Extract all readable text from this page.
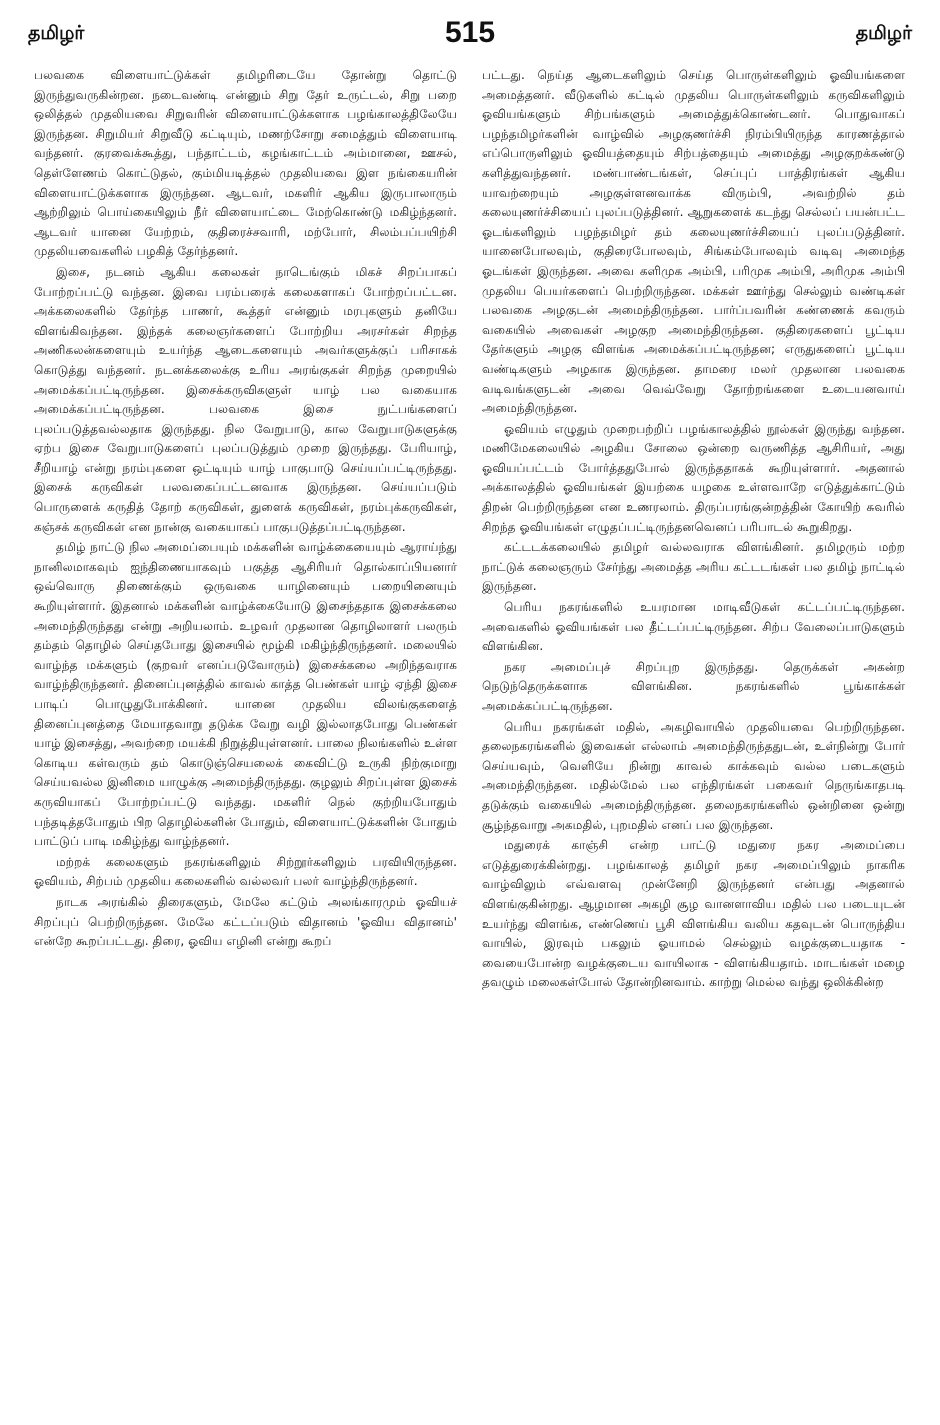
தமிழர்	515	தமிழர்

பலவகை விளையாட்டுக்கள் தமிழரிடையே தோன்று தொட்டு இருந்துவருகின்றன. நடைவண்டி என்னும் சிறு தேர் உருட்டல், சிறு பறை ஒலித்தல் முதலியவை சிறுவரின் விளையாட்டுக்களாக பழங்காலத்திலேயே இருந்தன. சிறுமியர் சிறுவீடு கட்டியும், மணற்சோறு சமைத்தும் விளையாடி வந்தனர். குரவைக்கூத்து, பந்தாட்டம், கழங்காட்டம் அம்மானை, ஊசல், தெள்ளேணம் கொட்டுதல், கும்மியடித்தல் முதலியவை இள நங்கையரின் விளையாட்டுக்களாக இருந்தன. ஆடவர், மகளிர் ஆகிய இருபாலாரும் ஆற்றிலும் பொய்கையிலும் நீர் விளையாட்டை மேற்கொண்டு மகிழ்ந்தனர். ஆடவர் யானை யேற்றம், குதிரைச்சவாரி, மற்போர், சிலம்பப்பயிற்சி முதலியவைகளில் பழகித் தேர்ந்தனர்.

இசை, நடனம் ஆகிய கலைகள் நாடெங்கும் மிகச் சிறப்பாகப் போற்றப்பட்டு வந்தன. இவை பரம்பரைக் கலைகளாகப் போற்றப்பட்டன. அக்கலைகளில் தேர்ந்த பாணர், கூத்தர் என்னும் மரபுகளும் தனியே விளங்கிவந்தன. இந்தக் கலைஞர்களைப் போற்றிய அரசர்கள் சிறந்த அணிகலன்களையும் உயர்ந்த ஆடைகளையும் அவர்களுக்குப் பரிசாகக் கொடுத்து வந்தனர். நடனக்கலைக்கு உரிய அரங்குகள் சிறந்த முறையில் அமைக்கப்பட்டிருந்தன. இசைக்கருவிகளுள் யாழ் பல வகையாக அமைக்கப்பட்டிருந்தன. பலவகை இசை நுட்பங்களைப் புலப்படுத்தவல்லதாக இருந்தது. நில வேறுபாடு, கால வேறுபாடுகளுக்கு ஏற்ப இசை வேறுபாடுகளைப் புலப்படுத்தும் முறை இருந்தது. பேரியாழ், சீறியாழ் என்று நரம்புகளை ஒட்டியும் யாழ் பாகுபாடு செய்யப்பட்டிருந்தது. இசைக் கருவிகள் பலவகைப்பட்டனவாக இருந்தன. செய்யப்படும் பொருளைக் கருதித் தோற் கருவிகள், துளைக் கருவிகள், நரம்புக்கருவிகள், கஞ்சக் கருவிகள் என நான்கு வகையாகப் பாகுபடுத்தப்பட்டிருந்தன.

தமிழ் நாட்டு நில அமைப்பையும் மக்களின் வாழ்க்கையையும் ஆராய்ந்து நானிலமாகவும் ஐந்திணையாகவும் பகுத்த ஆசிரியர் தொல்காப்பியனார் ஒவ்வொரு திணைக்கும் ஒருவகை யாழினையும் பறையினையும் கூறியுள்ளார். இதனால் மக்களின் வாழ்க்கையோடு இசைந்ததாக இசைக்கலை அமைந்திருந்தது என்று அறியலாம். உழவர் முதலான தொழிலாளர் பலரும் தம்தம் தொழில் செய்தபோது இசையில் மூழ்கி மகிழ்ந்திருந்தனர். மலையில் வாழ்ந்த மக்களும் (குறவர் எனப்படுவோரும்) இசைக்கலை அறிந்தவராக வாழ்ந்திருந்தனர். தினைப்புனத்தில் காவல் காத்த பெண்கள் யாழ் ஏந்தி இசை பாடிப் பொழுதுபோக்கினர். யானை முதலிய விலங்குகளைத் தினைப்புனத்தை மேயாதவாறு தடுக்க வேறு வழி இல்லாதபோது பெண்கள் யாழ் இசைத்து, அவற்றை மயக்கி நிறுத்தியுள்ளனர். பாலை நிலங்களில் உள்ள கொடிய கள்வரும் தம் கொடுஞ்செயலைக் கைவிட்டு உருகி நிற்குமாறு செய்யவல்ல இனிமை யாழுக்கு அமைந்திருந்தது. குழலும் சிறப்புள்ள இசைக் கருவியாகப் போற்றப்பட்டு வந்தது. மகளிர் நெல் குற்றியபோதும் பந்தடித்தபோதும் பிற தொழில்களின் போதும், விளையாட்டுக்களின் போதும் பாட்டுப் பாடி மகிழ்ந்து வாழ்ந்தனர்.

மற்றக் கலைகளும் நகரங்களிலும் சிற்றூர்களிலும் பரவியிருந்தன. ஓவியம், சிற்பம் முதலிய கலைகளில் வல்லவர் பலர் வாழ்ந்திருந்தனர்.

நாடக அரங்கில் திரைகளும், மேலே கட்டும் அலங்காரமும் ஓவியச் சிறப்புப் பெற்றிருந்தன. மேலே கட்டப்படும் விதானம் 'ஓவிய விதானம்' என்றே கூறப்பட்டது. திரை, ஓவிய எழினி என்று கூறப்

பட்டது. நெய்த ஆடைகளிலும் செய்த பொருள்களிலும் ஓவியங்களை அமைத்தனர். வீடுகளில் கட்டில் முதலிய பொருள்களிலும் கருவிகளிலும் ஓவியங்களும் சிற்பங்களும் அமைத்துக்கொண்டனர். பொதுவாகப் பழந்தமிழர்களின் வாழ்வில் அழகுணர்ச்சி நிரம்பியிருந்த காரணத்தால் எப்பொருளிலும் ஓவியத்தையும் சிற்பத்தையும் அமைத்து அழகுறக்கண்டு களித்துவந்தனர். மண்பாண்டங்கள், செப்புப் பாத்திரங்கள் ஆகிய யாவற்றையும் அழகுள்ளனவாக்க விரும்பி, அவற்றில் தம் கலையுணர்ச்சியைப் புலப்படுத்தினர். ஆறுகளைக் கடந்து செல்லப் பயன்பட்ட ஓடங்களிலும் பழந்தமிழர் தம் கலையுணர்ச்சியைப் புலப்படுத்தினர். யானைபோலவும், குதிரைபோலவும், சிங்கம்போலவும் வடிவு அமைந்த ஓடங்கள் இருந்தன. அவை களிமுக அம்பி, பரிமுக அம்பி, அரிமுக அம்பி முதலிய பெயர்களைப் பெற்றிருந்தன. மக்கள் ஊர்ந்து செல்லும் வண்டிகள் பலவகை அழகுடன் அமைந்திருந்தன. பார்ப்பவரின் கண்ணைக் கவரும் வகையில் அவைகள் அழகுற அமைந்திருந்தன. குதிரைகளைப் பூட்டிய தேர்களும் அழகு விளங்க அமைக்கப்பட்டிருந்தன; எருதுகளைப் பூட்டிய வண்டிகளும் அழகாக இருந்தன. தாமரை மலர் முதலான பலவகை வடிவங்களுடன் அவை வெவ்வேறு தோற்றங்களை உடையனவாய் அமைந்திருந்தன.

ஓவியம் எழுதும் முறைபற்றிப் பழங்காலத்தில் நூல்கள் இருந்து வந்தன. மணிமேகலையில் அழகிய சோலை ஒன்றை வருணித்த ஆசிரியர், அது ஓவியப்பட்டம் போர்த்ததுபோல் இருந்ததாகக் கூறியுள்ளார். அதனால் அக்காலத்தில் ஓவியங்கள் இயற்கை யழகை உள்ளவாறே எடுத்துக்காட்டும் திறன் பெற்றிருந்தன என உணரலாம். திருப்பரங்குன்றத்தின் கோயிற் சுவரில் சிறந்த ஓவியங்கள் எழுதப்பட்டிருந்தனவெனப் பரிபாடல் கூறுகிறது.

கட்டடக்கலையில் தமிழர் வல்லவராக விளங்கினர். தமிழரும் மற்ற நாட்டுக் கலைஞரும் சேர்ந்து அமைத்த அரிய கட்டடங்கள் பல தமிழ் நாட்டில் இருந்தன.

பெரிய நகரங்களில் உயரமான மாடிவீடுகள் கட்டப்பட்டிருந்தன. அவைகளில் ஓவியங்கள் பல தீட்டப்பட்டிருந்தன. சிற்ப வேலைப்பாடுகளும் விளங்கின.

நகர அமைப்புச் சிறப்புற இருந்தது. தெருக்கள் அகன்ற நெடுந்தெருக்களாக விளங்கின. நகரங்களில் பூங்காக்கள் அமைக்கப்பட்டிருந்தன.

பெரிய நகரங்கள் மதில், அகழிவாயில் முதலியவை பெற்றிருந்தன. தலைநகரங்களில் இவைகள் எல்லாம் அமைந்திருந்ததுடன், உள்நின்று போர் செய்யவும், வெளியே நின்று காவல் காக்கவும் வல்ல படைகளும் அமைந்திருந்தன. மதில்மேல் பல எந்திரங்கள் பகைவர் நெருங்காதபடி தடுக்கும் வகையில் அமைந்திருந்தன. தலைநகரங்களில் ஒன்றினை ஒன்று சூழ்ந்தவாறு அகமதில், புறமதில் எனப் பல இருந்தன.

மதுரைக் காஞ்சி என்ற பாட்டு மதுரை நகர அமைப்பை எடுத்துரைக்கின்றது. பழங்காலத் தமிழர் நகர அமைப்பிலும் நாகரிக வாழ்விலும் எவ்வளவு முன்னேறி இருந்தனர் என்பது அதனால் விளங்குகின்றது. ஆழமான அகழி சூழ வானளாவிய மதில் பல படையுடன் உயர்ந்து விளங்க, எண்ணெய் பூசி விளங்கிய வலிய கதவுடன் பொருந்திய வாயில், இரவும் பகலும் ஓயாமல் செல்லும் வழக்குடையதாக - வையைபோன்ற வழக்குடைய வாயிலாக - விளங்கியதாம். மாடங்கள் மழை தவழும் மலைகள்போல் தோன்றினவாம். காற்று மெல்ல வந்து ஒலிக்கின்ற
